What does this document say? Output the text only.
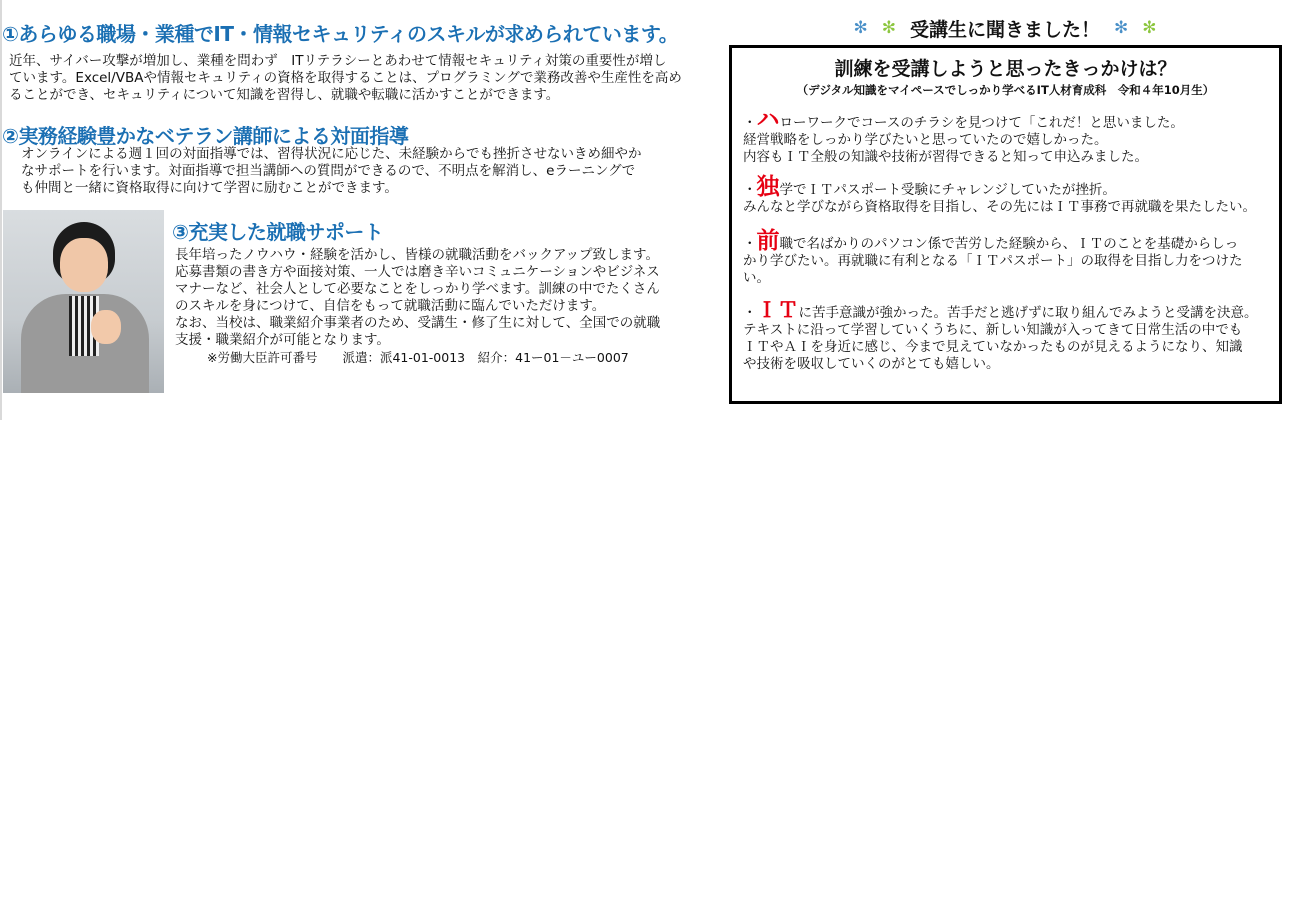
①あらゆる職場・業種でIT・情報セキュリティのスキルが求められています。
近年、サイバー攻撃が増加し、業種を問わず　ITリテラシーとあわせて情報セキュリティ対策の重要性が増し
ています。Excel/VBAや情報セキュリティの資格を取得することは、プログラミングで業務改善や生産性を高め
ることができ、セキュリティについて知識を習得し、就職や転職に活かすことができます。
②実務経験豊かなベテラン講師による対面指導
オンラインによる週１回の対面指導では、習得状況に応じた、未経験からでも挫折させないきめ細やか
なサポートを行います。対面指導で担当講師への質問ができるので、不明点を解消し、eラーニングで
も仲間と一緒に資格取得に向けて学習に励むことができます。
③充実した就職サポート
長年培ったノウハウ・経験を活かし、皆様の就職活動をバックアップ致します。
応募書類の書き方や面接対策、一人では磨き辛いコミュニケーションやビジネス
マナーなど、社会人として必要なことをしっかり学べます。訓練の中でたくさん
のスキルを身につけて、自信をもって就職活動に臨んでいただけます。
なお、当校は、職業紹介事業者のため、受講生・修了生に対して、全国での就職
支援・職業紹介が可能となります。
※労働大臣許可番号　　派遣：派41-01-0013　紹介：41ー01－ユー0007
✻ ✻ 受講生に聞きました！ ✻ ✻
訓練を受講しようと思ったきっかけは？
（デジタル知識をマイペースでしっかり学べるIT人材育成科　令和４年10月生）
・ハローワークでコースのチラシを見つけて「これだ！と思いました。
経営戦略をしっかり学びたいと思っていたので嬉しかった。
内容もＩＴ全般の知識や技術が習得できると知って申込みました。
・独学でＩＴパスポート受験にチャレンジしていたが挫折。
みんなと学びながら資格取得を目指し、その先にはＩＴ事務で再就職を果たしたい。
・前職で名ばかりのパソコン係で苦労した経験から、ＩＴのことを基礎からしっ
かり学びたい。再就職に有利となる「ＩＴパスポート」の取得を目指し力をつけた
い。
・ＩＴに苦手意識が強かった。苦手だと逃げずに取り組んでみようと受講を決意。
テキストに沿って学習していくうちに、新しい知識が入ってきて日常生活の中でも
ＩＴやＡＩを身近に感じ、今まで見えていなかったものが見えるようになり、知識
や技術を吸収していくのがとても嬉しい。
